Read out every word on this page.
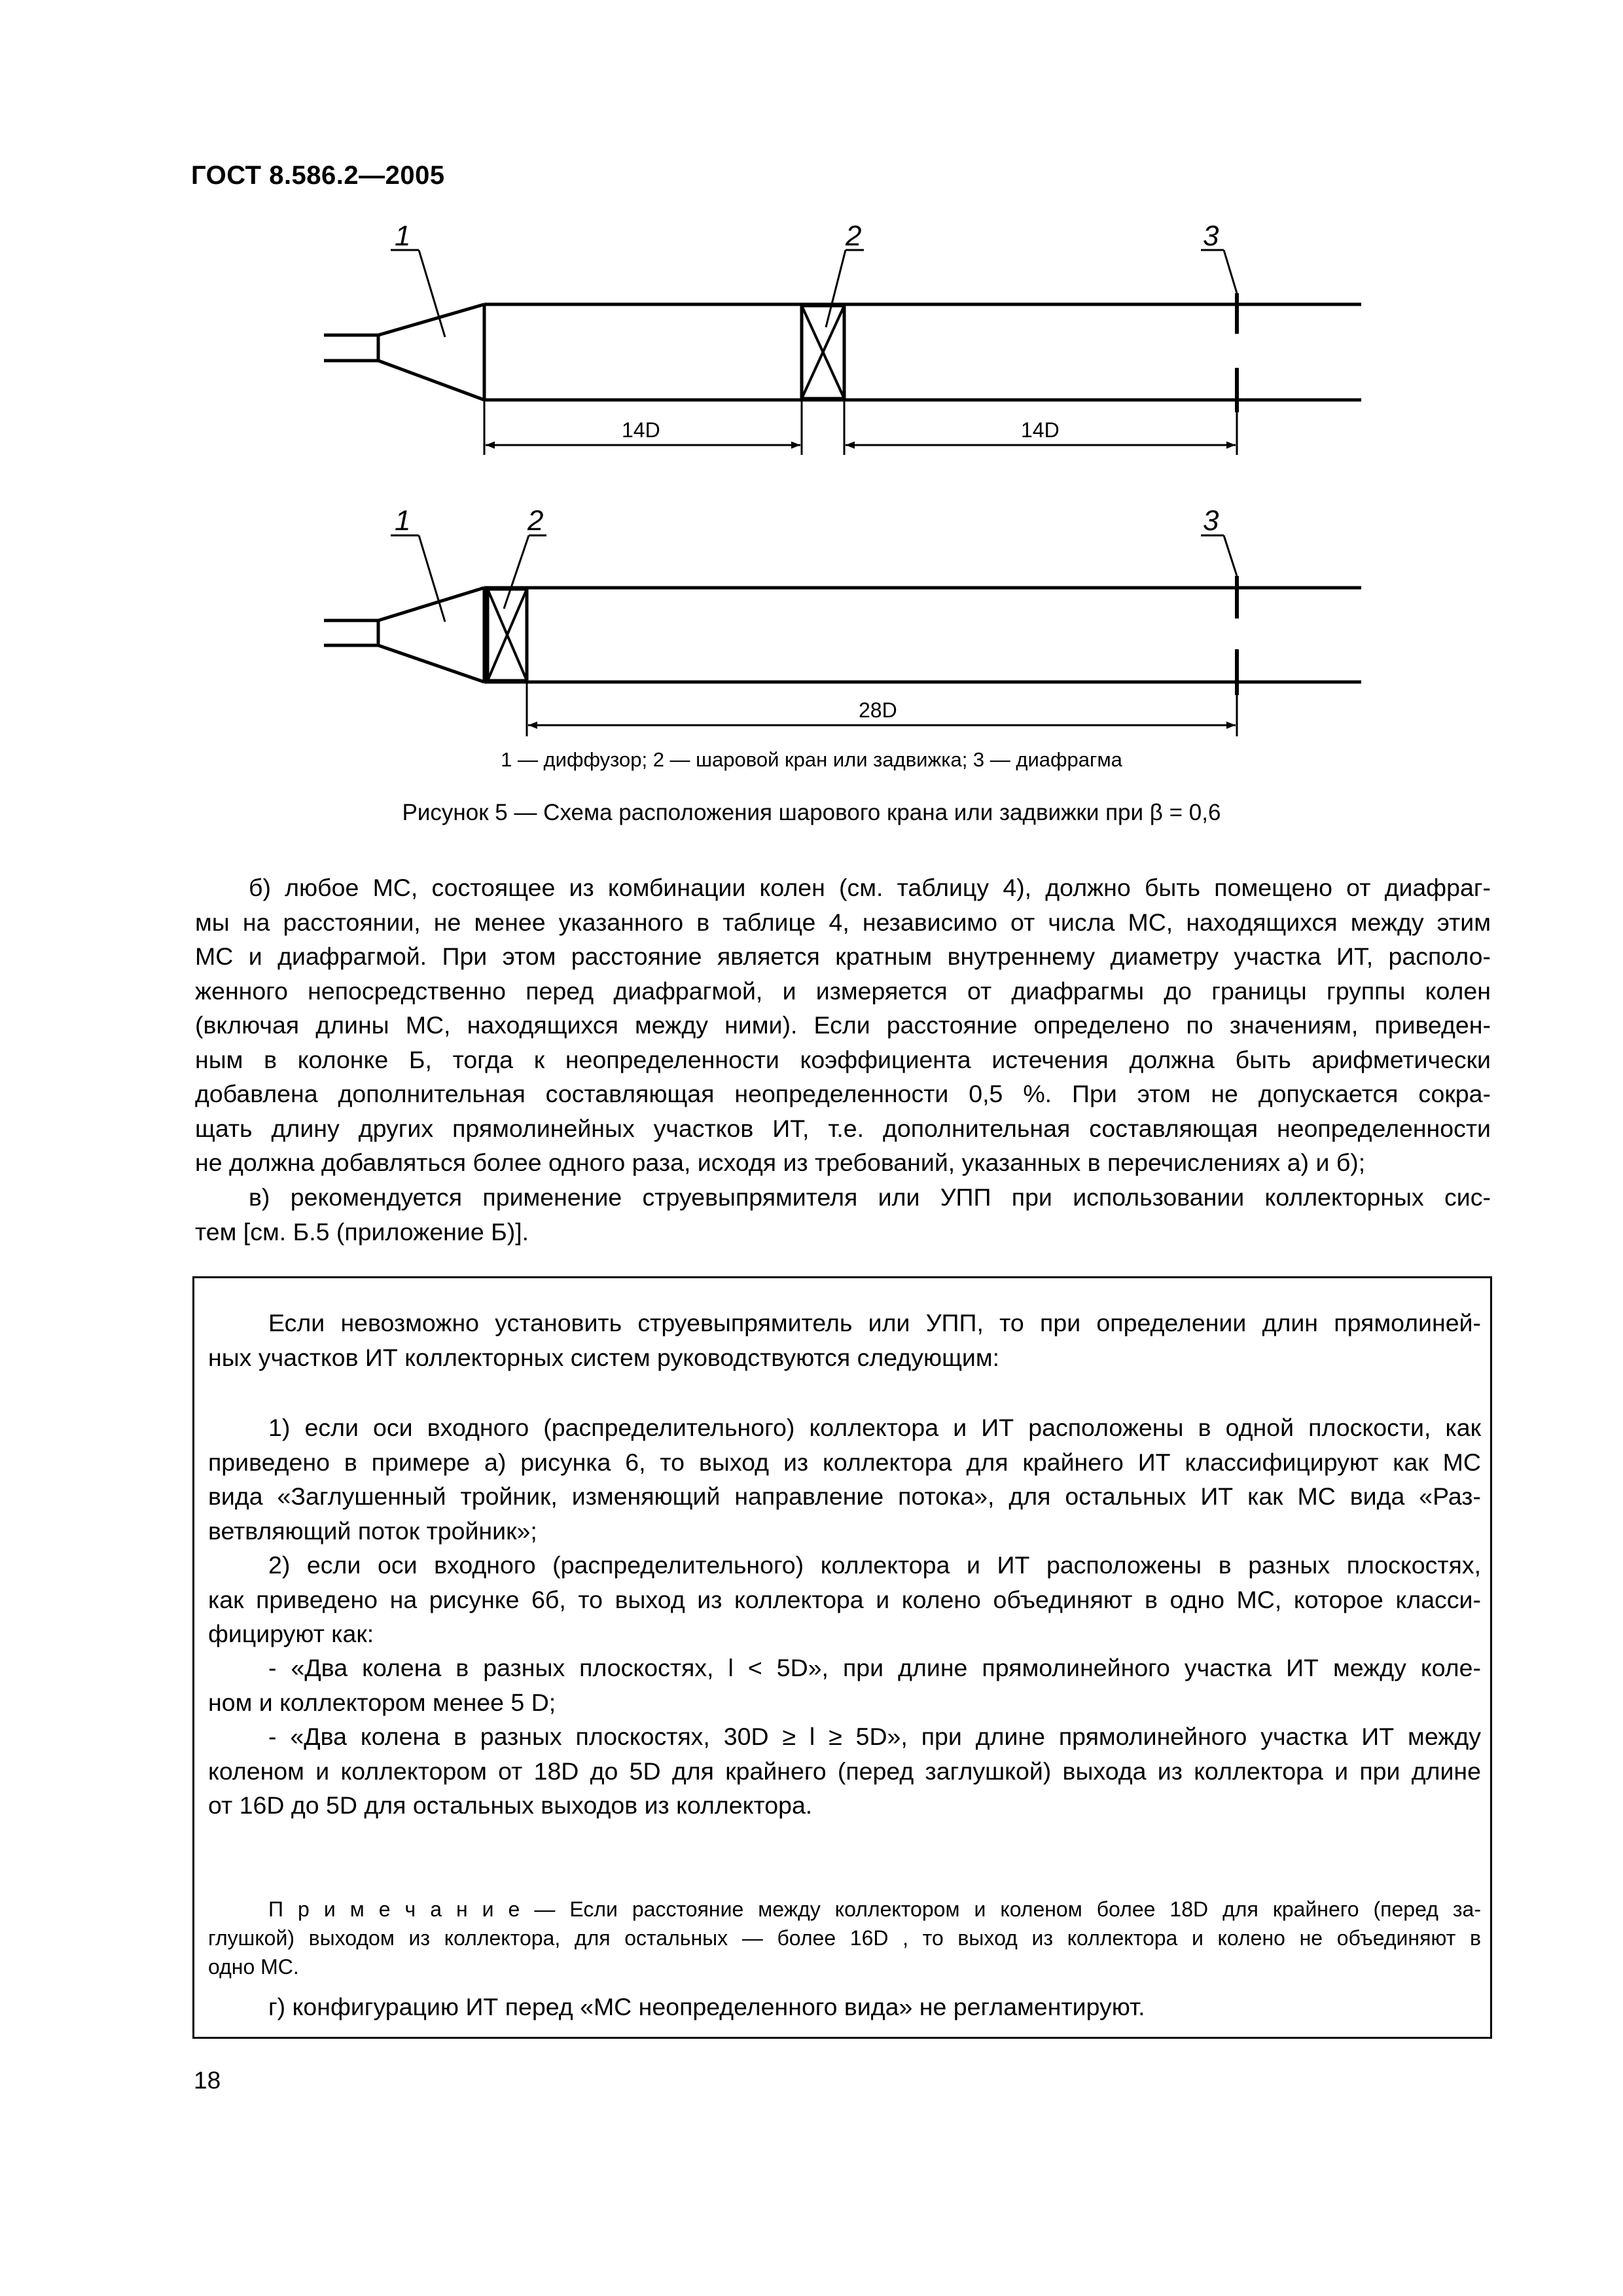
ГОСТ 8.586.2—2005
1	2	3
14D	14D
1	2	3
28D
1 — диффузор; 2 — шаровой кран или задвижка; 3 — диафрагма
Рисунок 5 — Схема расположения шарового крана или задвижки при β = 0,6
б) любое МС, состоящее из комбинации колен (см. таблицу 4), должно быть помещено от диафраг-
мы на расстоянии, не менее указанного в таблице 4, независимо от числа МС, находящихся между этим
МС и диафрагмой. При этом расстояние является кратным внутреннему диаметру участка ИТ, располо-
женного непосредственно перед диафрагмой, и измеряется от диафрагмы до границы группы колен
(включая длины МС, находящихся между ними). Если расстояние определено по значениям, приведен-
ным в колонке Б, тогда к неопределенности коэффициента истечения должна быть арифметически
добавлена дополнительная составляющая неопределенности 0,5 %. При этом не допускается сокра-
щать длину других прямолинейных участков ИТ, т.е. дополнительная составляющая неопределенности
не должна добавляться более одного раза, исходя из требований, указанных в перечислениях а) и б);
в) рекомендуется применение струевыпрямителя или УПП при использовании коллекторных сис-
тем [см. Б.5 (приложение Б)].
Если невозможно установить струевыпрямитель или УПП, то при определении длин прямолиней-
ных участков ИТ коллекторных систем руководствуются следующим:
1) если оси входного (распределительного) коллектора и ИТ расположены в одной плоскости, как
приведено в примере а) рисунка 6, то выход из коллектора для крайнего ИТ классифицируют как МС
вида «Заглушенный тройник, изменяющий направление потока», для остальных ИТ как МС вида «Раз-
ветвляющий поток тройник»;
2) если оси входного (распределительного) коллектора и ИТ расположены в разных плоскостях,
как приведено на рисунке 6б, то выход из коллектора и колено объединяют в одно МС, которое класси-
фицируют как:
- «Два колена в разных плоскостях, l < 5D», при длине прямолинейного участка ИТ между коле-
ном и коллектором менее 5 D;
- «Два колена в разных плоскостях, 30D ≥ l ≥ 5D», при длине прямолинейного участка ИТ между
коленом и коллектором от 18D до 5D для крайнего (перед заглушкой) выхода из коллектора и при длине
от 16D до 5D для остальных выходов из коллектора.
П р и м е ч а н и е — Если расстояние между коллектором и коленом более 18D для крайнего (перед за-
глушкой) выходом из коллектора, для остальных — более 16D , то выход из коллектора и колено не объединяют в
одно МС.
г) конфигурацию ИТ перед «МС неопределенного вида» не регламентируют.
18
